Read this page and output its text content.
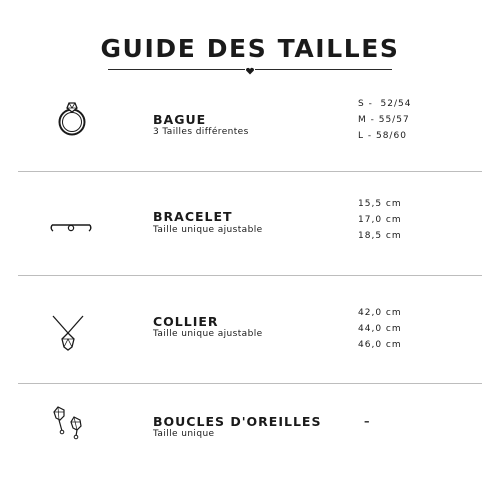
GUIDE DES TAILLES
BAGUE
3 Tailles différentes
S -  52/54
M - 55/57
L - 58/60
BRACELET
Taille unique ajustable
15,5 cm
17,0 cm
18,5 cm
COLLIER
Taille unique ajustable
42,0 cm
44,0 cm
46,0 cm
BOUCLES D'OREILLES
Taille unique
–
